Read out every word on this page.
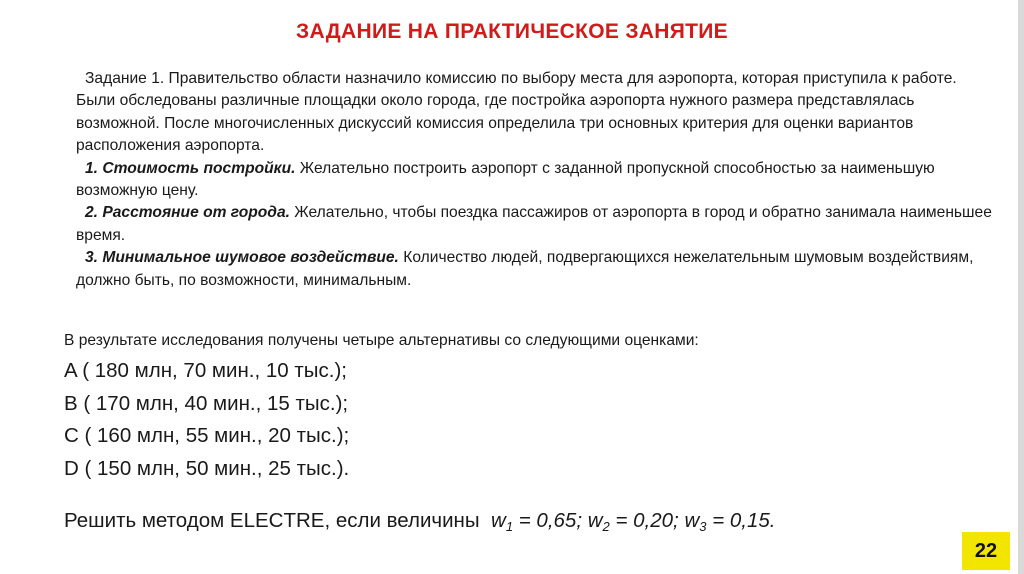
ЗАДАНИЕ НА ПРАКТИЧЕСКОЕ ЗАНЯТИЕ

Задание 1. Правительство области назначило комиссию по выбору места для аэропорта, которая приступила к работе. Были обследованы различные площадки около города, где постройка аэропорта нужного размера представлялась возможной. После многочисленных дискуссий комиссия определила три основных критерия для оценки вариантов расположения аэропорта.

1. Стоимость постройки. Желательно построить аэропорт с заданной пропускной способностью за наименьшую возможную цену.

2. Расстояние от города. Желательно, чтобы поездка пассажиров от аэропорта в город и обратно занимала наименьшее время.

3. Минимальное шумовое воздействие. Количество людей, подвергающихся нежелательным шумовым воздействиям, должно быть, по возможности, минимальным.

В результате исследования получены четыре альтернативы со следующими оценками:
A ( 180 млн, 70 мин., 10 тыс.);
B ( 170 млн, 40 мин., 15 тыс.);
C ( 160 млн, 55 мин., 20 тыс.);
D ( 150 млн, 50 мин., 25 тыс.).
Решить методом ELECTRE, если величины $w_1 = 0,65$; $w_2 = 0,20$; $w_3 = 0,15$.
22
